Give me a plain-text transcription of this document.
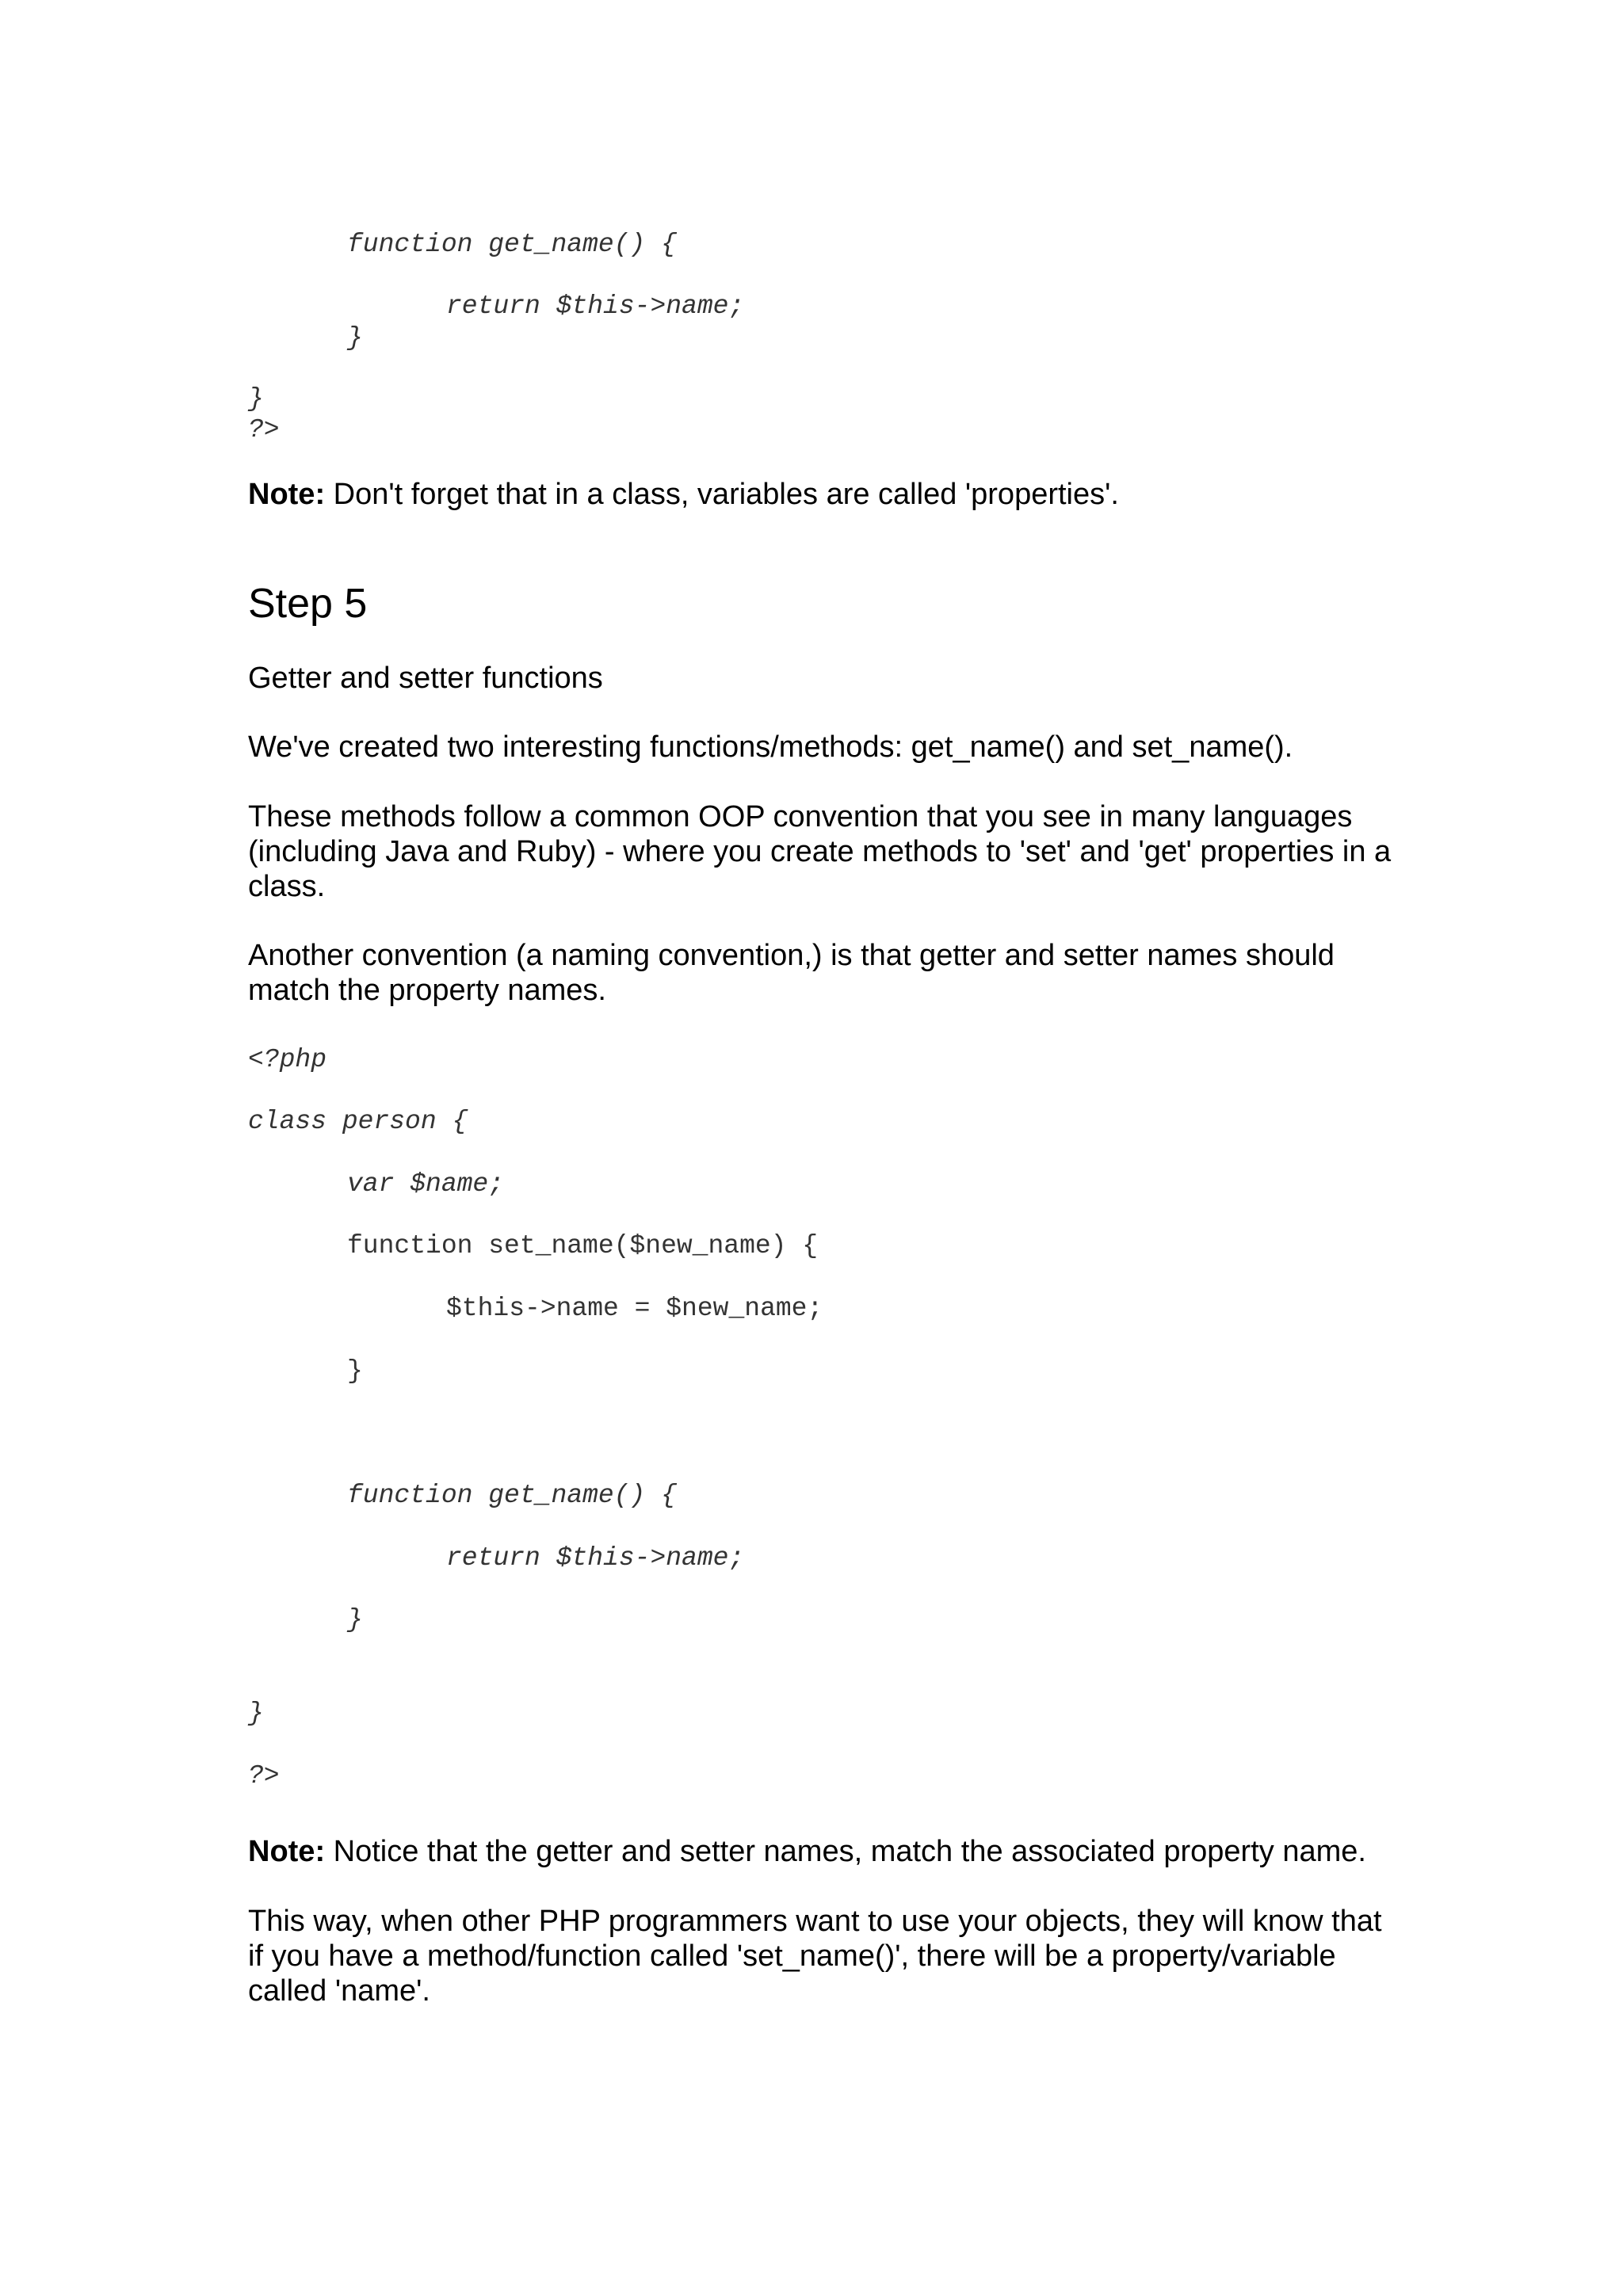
function get_name() {
return $this->name;
}
}
?>

Note: Don't forget that in a class, variables are called 'properties'.

Step 5

Getter and setter functions

We've created two interesting functions/methods: get_name() and set_name().

These methods follow a common OOP convention that you see in many languages (including Java and Ruby) - where you create methods to 'set' and 'get' properties in a class.

Another convention (a naming convention,) is that getter and setter names should match the property names.

<?php
class person {
var $name;
function set_name($new_name) {
$this->name = $new_name;
}
function get_name() {
return $this->name;
}
}
?>

Note: Notice that the getter and setter names, match the associated property name.

This way, when other PHP programmers want to use your objects, they will know that if you have a method/function called 'set_name()', there will be a property/variable called 'name'.
